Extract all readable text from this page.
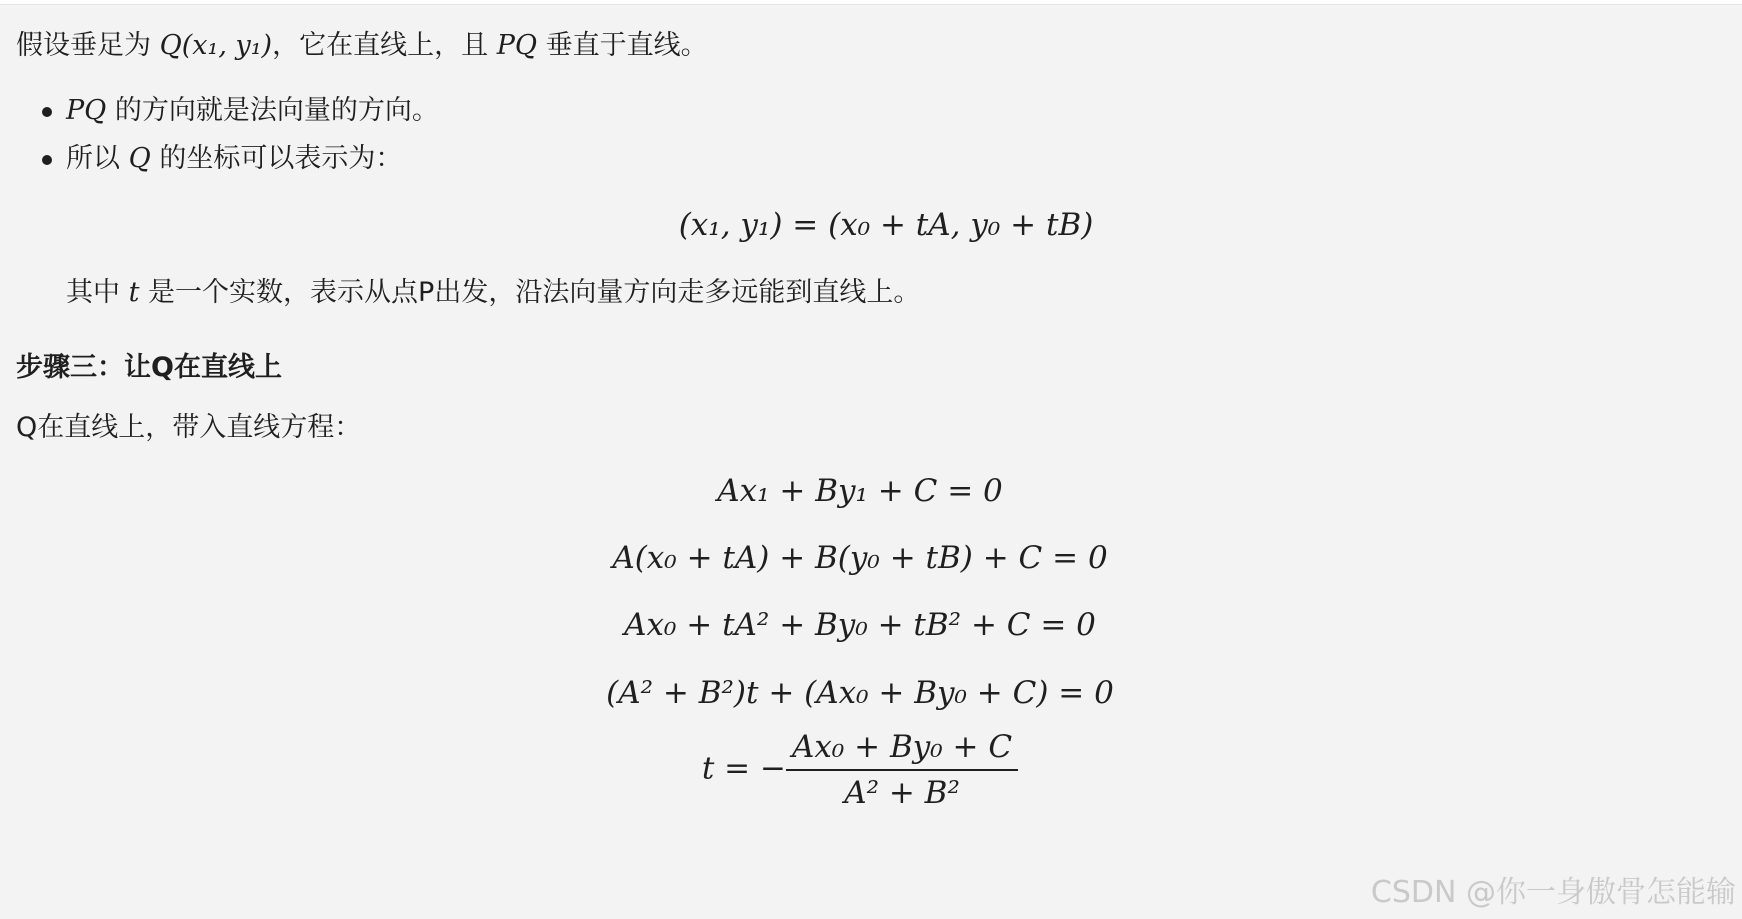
假设垂足为 Q(x₁, y₁)，它在直线上，且 PQ 垂直于直线。
PQ 的方向就是法向量的方向。
所以 Q 的坐标可以表示为：
(x₁, y₁) = (x₀ + tA, y₀ + tB)
其中 t 是一个实数，表示从点P出发，沿法向量方向走多远能到直线上。
步骤三：让Q在直线上
Q在直线上，带入直线方程：
Ax₁ + By₁ + C = 0
A(x₀ + tA) + B(y₀ + tB) + C = 0
Ax₀ + tA² + By₀ + tB² + C = 0
(A² + B²)t + (Ax₀ + By₀ + C) = 0
t = − $\frac{\text{Ax₀ + By₀ + C}}{\text{A² + B²}}$
CSDN @你一身傲骨怎能输
